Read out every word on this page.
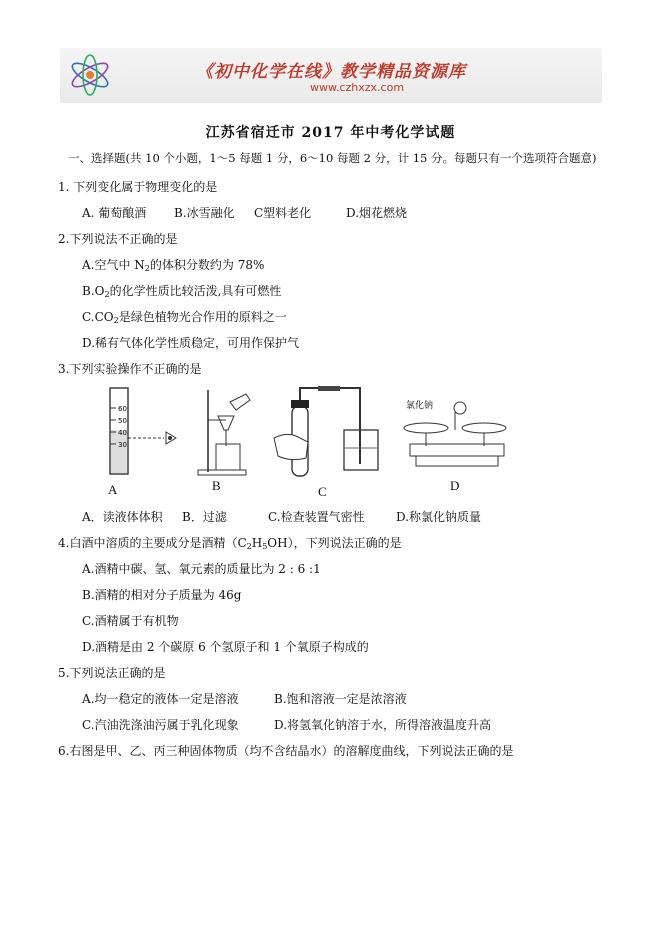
《初中化学在线》教学精品资源库
www.czhxzx.com
江苏省宿迁市 2017 年中考化学试题
一、选择题(共 10 个小题，1～5 每题 1 分，6～10 每题 2 分，计 15 分。每题只有一个选项符合题意)
1. 下列变化属于物理变化的是
A. 葡萄酿酒 B.冰雪融化 C塑料老化	D.烟花燃烧
2.下列说法不正确的是
A.空气中 $N_2$的体积分数约为 78%
$B.O_2$的化学性质比较活泼,具有可燃性
$C.CO_2$是绿色植物光合作用的原料之一
D.稀有气体化学性质稳定，可用作保护气
3.下列实验操作不正确的是
60
50
40
30
氯化钠
A	B	C	D
A．读液体体积 B．过滤	C.检查装置气密性	D.称氯化钠质量
4.白酒中溶质的主要成分是酒精$(C_2H_5OH)$，下列说法正确的是
A.酒精中碳、氢、氧元素的质量比为 2 : 6 :1
B.酒精的相对分子质量为 46g
C.酒精属于有机物
D.酒精是由 2 个碳原 6 个氢原子和 1 个氧原子构成的
5.下列说法正确的是
A.均一稳定的液体一定是溶液	B.饱和溶液一定是浓溶液
C.汽油洗涤油污属于乳化现象	D.将氢氧化钠溶于水，所得溶液温度升高
6.右图是甲、乙、丙三种固体物质（均不含结晶水）的溶解度曲线，下列说法正确的是
